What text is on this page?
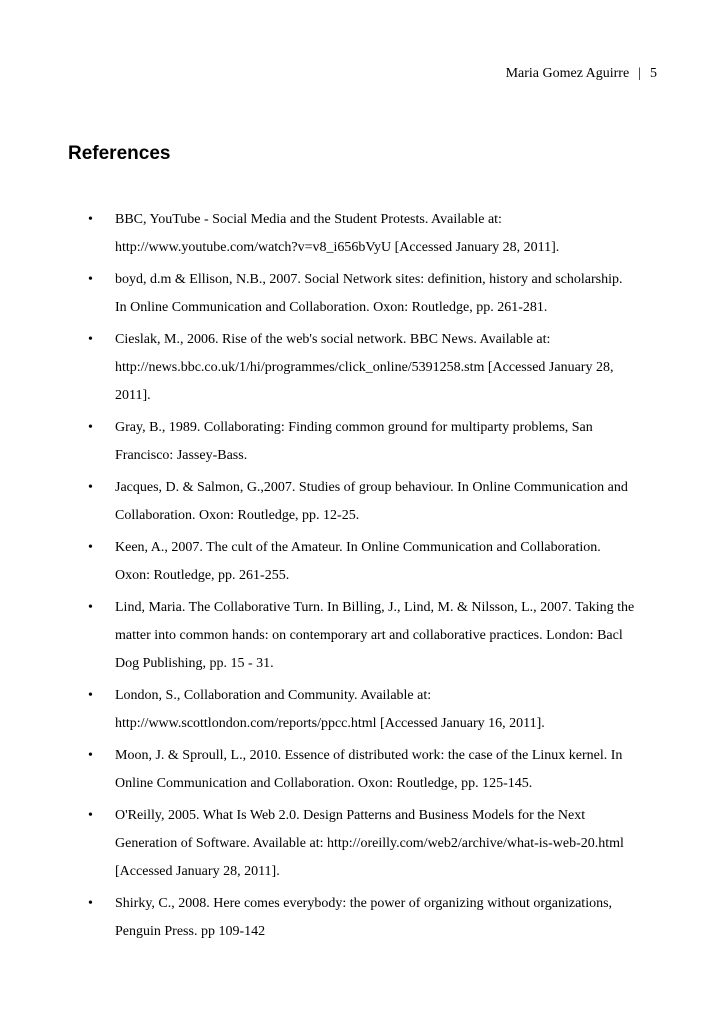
Maria Gomez Aguirre | 5
References
• BBC, YouTube - Social Media and the Student Protests. Available at:
http://www.youtube.com/watch?v=v8_i656bVyU [Accessed January 28, 2011].
• boyd, d.m & Ellison, N.B., 2007. Social Network sites: definition, history and scholarship.
In Online Communication and Collaboration. Oxon: Routledge, pp. 261-281.
• Cieslak, M., 2006. Rise of the web's social network. BBC News. Available at:
http://news.bbc.co.uk/1/hi/programmes/click_online/5391258.stm [Accessed January 28,
2011].
• Gray, B., 1989. Collaborating: Finding common ground for multiparty problems, San
Francisco: Jassey-Bass.
• Jacques, D. & Salmon, G.,2007. Studies of group behaviour. In Online Communication and
Collaboration. Oxon: Routledge, pp. 12-25.
• Keen, A., 2007. The cult of the Amateur. In Online Communication and Collaboration.
Oxon: Routledge, pp. 261-255.
• Lind, Maria. The Collaborative Turn. In Billing, J., Lind, M. & Nilsson, L., 2007. Taking the
matter into common hands: on contemporary art and collaborative practices. London: Bacl
Dog Publishing, pp. 15 - 31.
• London, S., Collaboration and Community. Available at:
http://www.scottlondon.com/reports/ppcc.html [Accessed January 16, 2011].
• Moon, J. & Sproull, L., 2010. Essence of distributed work: the case of the Linux kernel. In
Online Communication and Collaboration. Oxon: Routledge, pp. 125-145.
• O'Reilly, 2005. What Is Web 2.0. Design Patterns and Business Models for the Next
Generation of Software. Available at: http://oreilly.com/web2/archive/what-is-web-20.html
[Accessed January 28, 2011].
• Shirky, C., 2008. Here comes everybody: the power of organizing without organizations,
Penguin Press. pp 109-142
